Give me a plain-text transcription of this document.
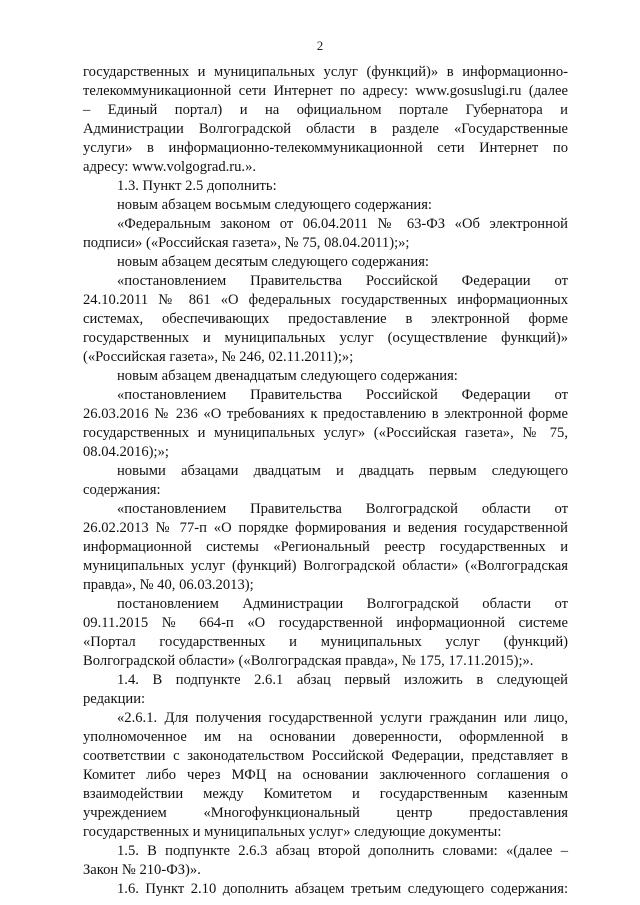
2

государственных и муниципальных услуг (функций)» в информационно-

телекоммуникационной сети Интернет по адресу: www.gosuslugi.ru (далее

– Единый портал) и на официальном портале Губернатора и

Администрации Волгоградской области в разделе «Государственные

услуги» в информационно-телекоммуникационной сети Интернет по

адресу: www.volgograd.ru.».

1.3. Пункт 2.5 дополнить:

новым абзацем восьмым следующего содержания:

«Федеральным законом от 06.04.2011 № 63-ФЗ «Об электронной

подписи» («Российская газета», № 75, 08.04.2011);»;

новым абзацем десятым следующего содержания:

«постановлением Правительства Российской Федерации от

24.10.2011 № 861 «О федеральных государственных информационных

системах, обеспечивающих предоставление в электронной форме

государственных и муниципальных услуг (осуществление функций)»

(«Российская газета», № 246, 02.11.2011);»;

новым абзацем двенадцатым следующего содержания:

«постановлением Правительства Российской Федерации от

26.03.2016 № 236 «О требованиях к предоставлению в электронной форме

государственных и муниципальных услуг» («Российская газета», № 75,

08.04.2016);»;

новыми абзацами двадцатым и двадцать первым следующего

содержания:

«постановлением Правительства Волгоградской области от

26.02.2013 № 77-п «О порядке формирования и ведения государственной

информационной системы «Региональный реестр государственных и

муниципальных услуг (функций) Волгоградской области» («Волгоградская

правда», № 40, 06.03.2013);

постановлением Администрации Волгоградской области от

09.11.2015 № 664-п «О государственной информационной системе

«Портал государственных и муниципальных услуг (функций)

Волгоградской области» («Волгоградская правда», № 175, 17.11.2015);».

1.4. В подпункте 2.6.1 абзац первый изложить в следующей

редакции:

«2.6.1. Для получения государственной услуги гражданин или лицо,

уполномоченное им на основании доверенности, оформленной в

соответствии с законодательством Российской Федерации, представляет в

Комитет либо через МФЦ на основании заключенного соглашения о

взаимодействии между Комитетом и государственным казенным

учреждением «Многофункциональный центр предоставления

государственных и муниципальных услуг» следующие документы:

1.5. В подпункте 2.6.3 абзац второй дополнить словами: «(далее –

Закон № 210-ФЗ)».

1.6. Пункт 2.10 дополнить абзацем третьим следующего содержания:
